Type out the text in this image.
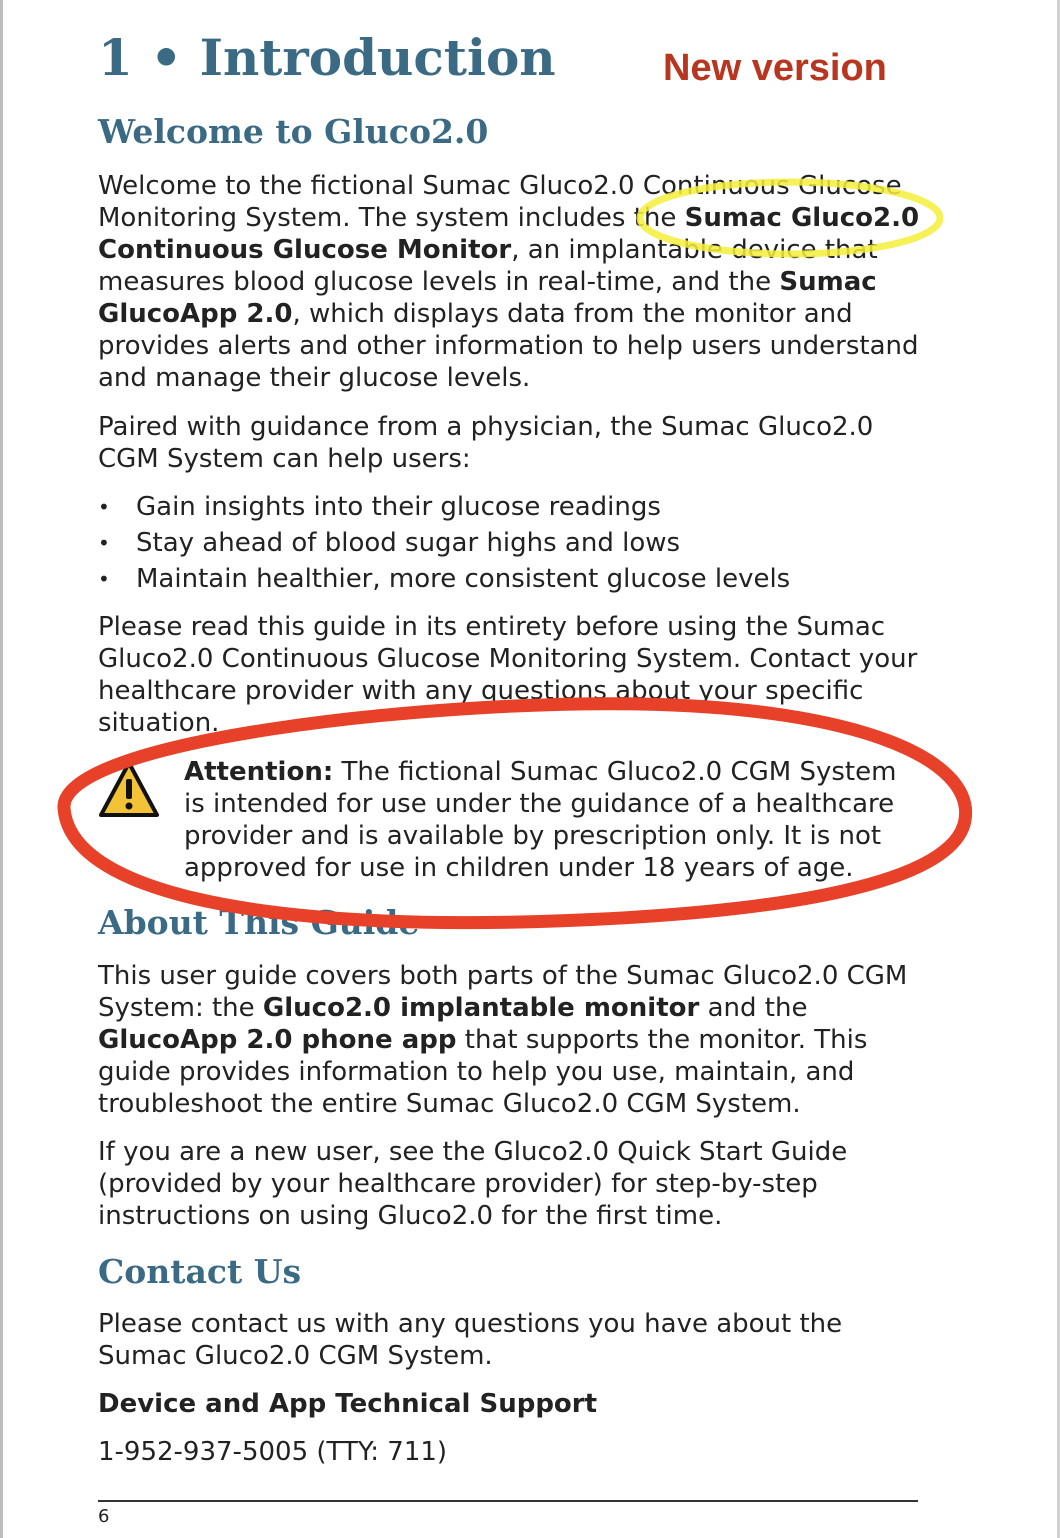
1 • Introduction	New version
Welcome to Gluco2.0

Welcome to the fictional Sumac Gluco2.0 Continuous Glucose Monitoring System. The system includes the Sumac Gluco2.0 Continuous Glucose Monitor, an implantable device that measures blood glucose levels in real-time, and the Sumac GlucoApp 2.0, which displays data from the monitor and provides alerts and other information to help users understand and manage their glucose levels.

Paired with guidance from a physician, the Sumac Gluco2.0 CGM System can help users:

• Gain insights into their glucose readings
• Stay ahead of blood sugar highs and lows
• Maintain healthier, more consistent glucose levels

Please read this guide in its entirety before using the Sumac Gluco2.0 Continuous Glucose Monitoring System. Contact your healthcare provider with any questions about your specific situation.

Attention: The fictional Sumac Gluco2.0 CGM System is intended for use under the guidance of a healthcare provider and is available by prescription only. It is not approved for use in children under 18 years of age.
About This Guide

This user guide covers both parts of the Sumac Gluco2.0 CGM System: the Gluco2.0 implantable monitor and the GlucoApp 2.0 phone app that supports the monitor. This guide provides information to help you use, maintain, and troubleshoot the entire Sumac Gluco2.0 CGM System.

If you are a new user, see the Gluco2.0 Quick Start Guide (provided by your healthcare provider) for step-by-step instructions on using Gluco2.0 for the first time.

Contact Us

Please contact us with any questions you have about the Sumac Gluco2.0 CGM System.

Device and App Technical Support

1-952-937-5005 (TTY: 711)

6
